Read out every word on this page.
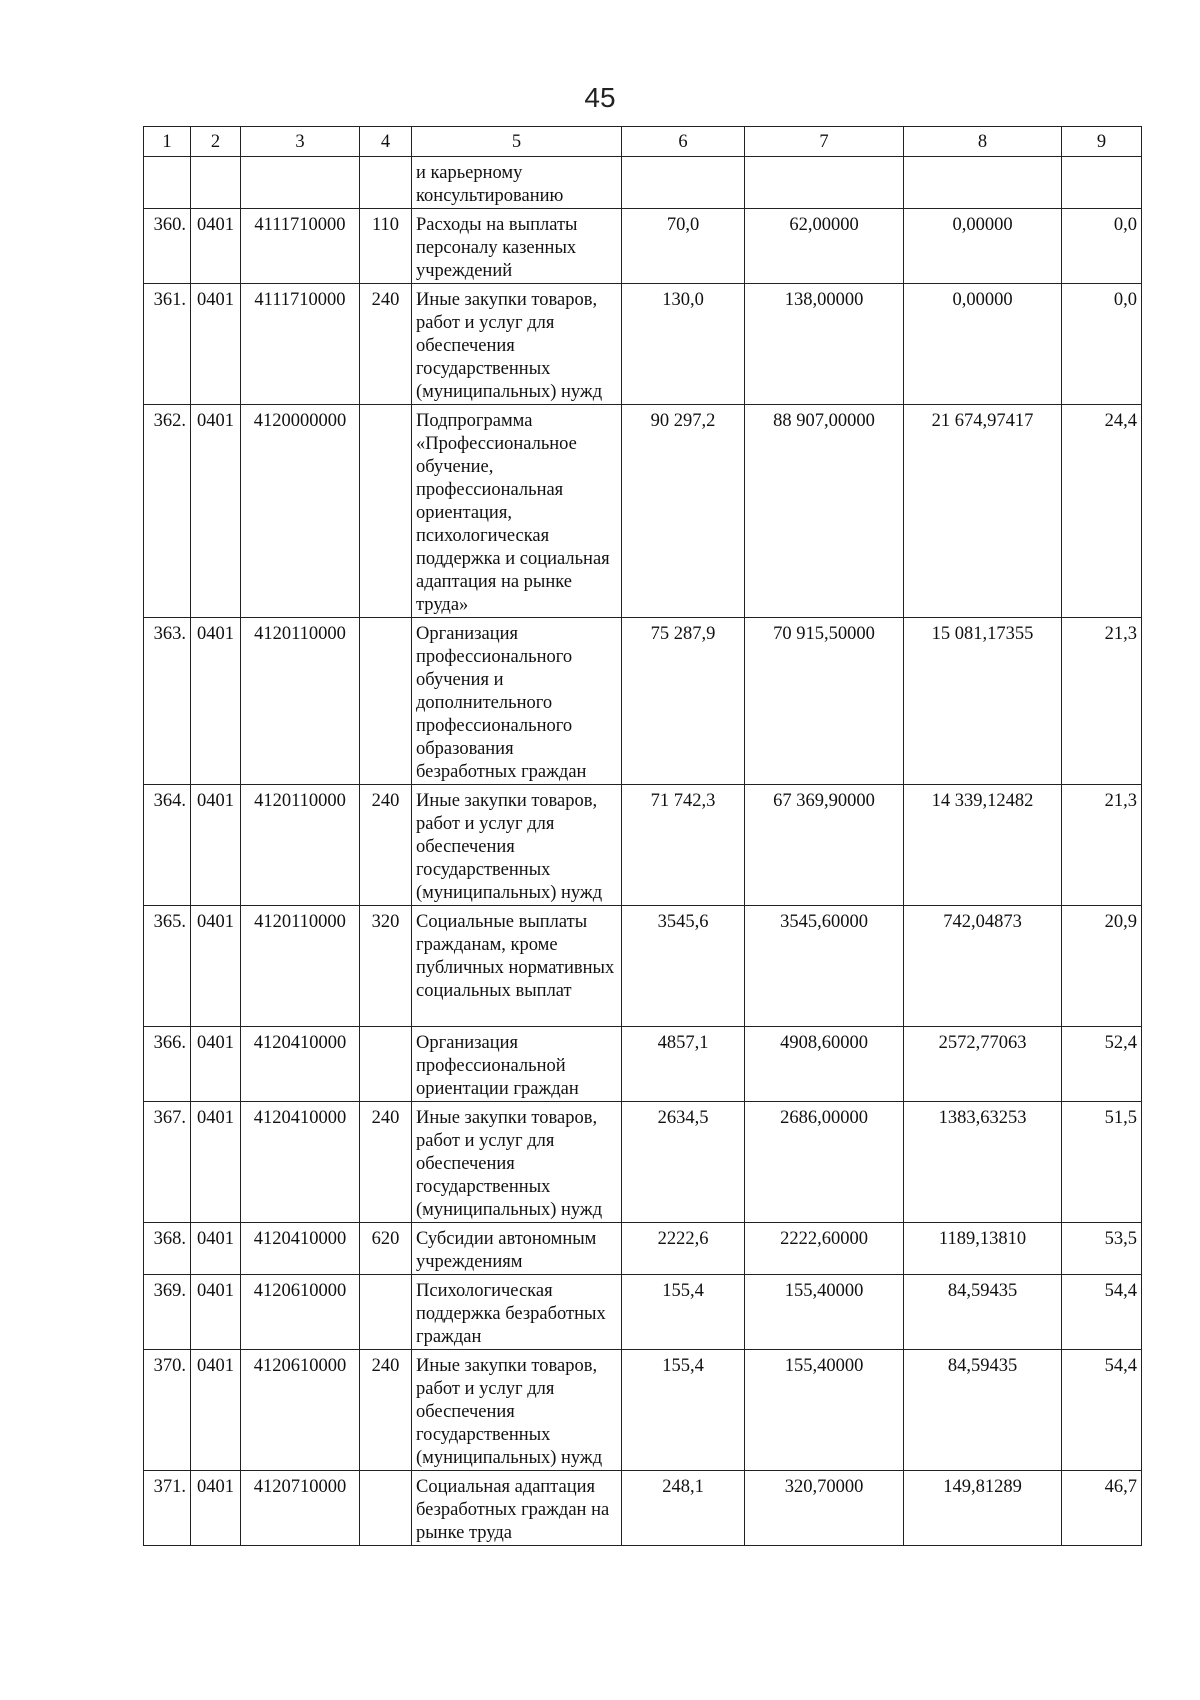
45
1	2	3	4	5	6	7	8	9
				и карьерному консультированию				
360.	0401	4111710000	110	Расходы на выплаты персоналу казенных учреждений	70,0	62,00000	0,00000	0,0
361.	0401	4111710000	240	Иные закупки товаров, работ и услуг для обеспечения государственных (муниципальных) нужд	130,0	138,00000	0,00000	0,0
362.	0401	4120000000		Подпрограмма «Профессиональное обучение, профессиональная ориентация, психологическая поддержка и социальная адаптация на рынке труда»	90 297,2	88 907,00000	21 674,97417	24,4
363.	0401	4120110000		Организация профессионального обучения и дополнительного профессионального образования безработных граждан	75 287,9	70 915,50000	15 081,17355	21,3
364.	0401	4120110000	240	Иные закупки товаров, работ и услуг для обеспечения государственных (муниципальных) нужд	71 742,3	67 369,90000	14 339,12482	21,3
365.	0401	4120110000	320	Социальные выплаты гражданам, кроме публичных нормативных социальных выплат	3545,6	3545,60000	742,04873	20,9
366.	0401	4120410000		Организация профессиональной ориентации граждан	4857,1	4908,60000	2572,77063	52,4
367.	0401	4120410000	240	Иные закупки товаров, работ и услуг для обеспечения государственных (муниципальных) нужд	2634,5	2686,00000	1383,63253	51,5
368.	0401	4120410000	620	Субсидии автономным учреждениям	2222,6	2222,60000	1189,13810	53,5
369.	0401	4120610000		Психологическая поддержка безработных граждан	155,4	155,40000	84,59435	54,4
370.	0401	4120610000	240	Иные закупки товаров, работ и услуг для обеспечения государственных (муниципальных) нужд	155,4	155,40000	84,59435	54,4
371.	0401	4120710000		Социальная адаптация безработных граждан на рынке труда	248,1	320,70000	149,81289	46,7
